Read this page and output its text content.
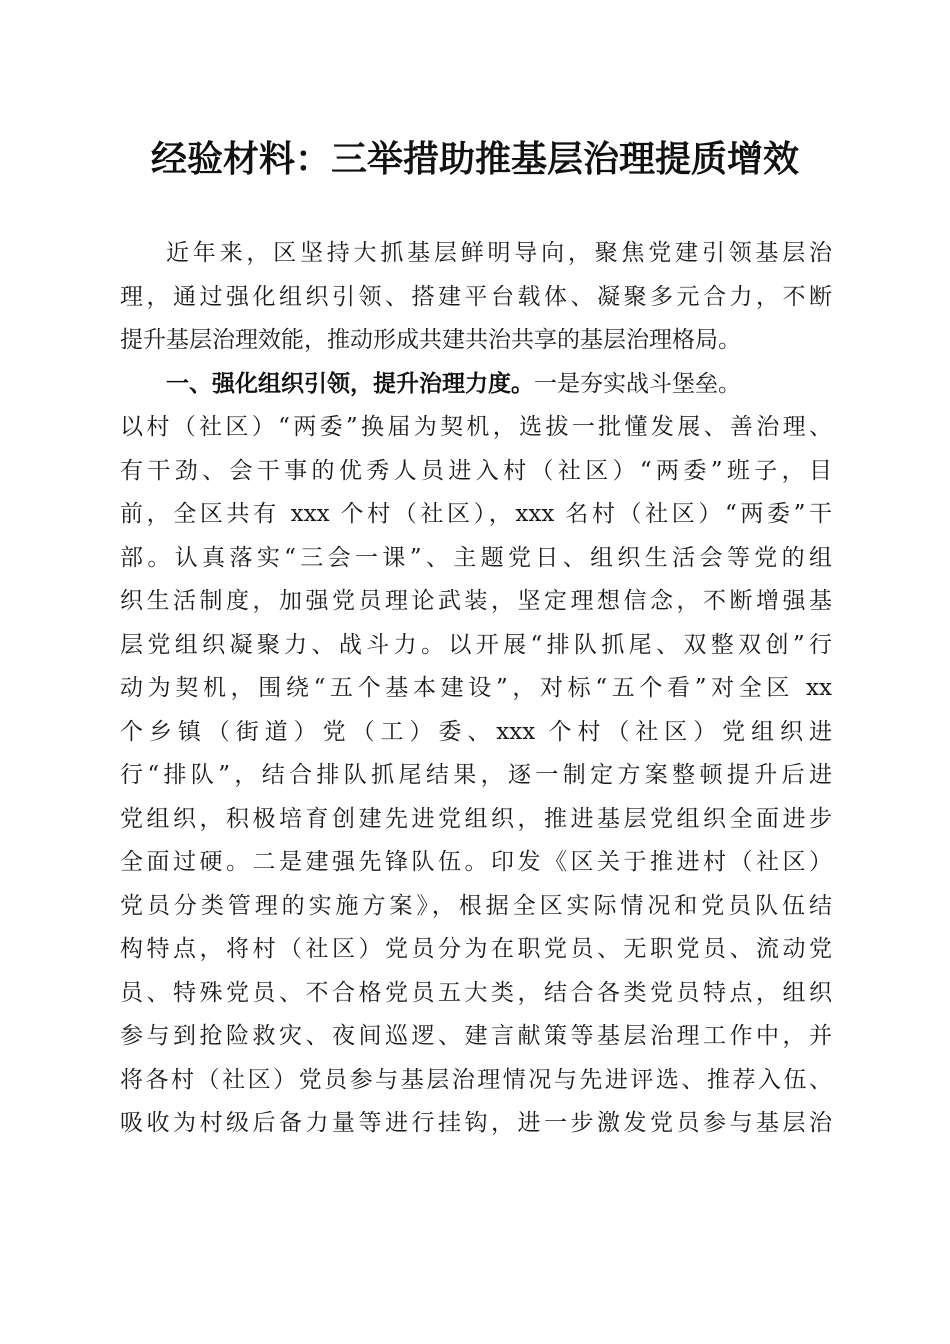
经验材料：三举措助推基层治理提质增效
近年来，区坚持大抓基层鲜明导向，聚焦党建引领基层治
理，通过强化组织引领、搭建平台载体、凝聚多元合力，不断
提升基层治理效能，推动形成共建共治共享的基层治理格局。
一、强化组织引领，提升治理力度。一是夯实战斗堡垒。
以村（社区）“两委”换届为契机，选拔一批懂发展、善治理、
有干劲、会干事的优秀人员进入村（社区）“两委”班子，目
前，全区共有 xxx 个村（社区），xxx 名村（社区）“两委”干
部。认真落实“三会一课”、主题党日、组织生活会等党的组
织生活制度，加强党员理论武装，坚定理想信念，不断增强基
层党组织凝聚力、战斗力。以开展“排队抓尾、双整双创”行
动为契机，围绕“五个基本建设”，对标“五个看”对全区 xx
个乡镇（街道）党（工）委、xxx 个村（社区）党组织进
行“排队”，结合排队抓尾结果，逐一制定方案整顿提升后进
党组织，积极培育创建先进党组织，推进基层党组织全面进步
全面过硬。二是建强先锋队伍。印发《区关于推进村（社区）
党员分类管理的实施方案》，根据全区实际情况和党员队伍结
构特点，将村（社区）党员分为在职党员、无职党员、流动党
员、特殊党员、不合格党员五大类，结合各类党员特点，组织
参与到抢险救灾、夜间巡逻、建言献策等基层治理工作中，并
将各村（社区）党员参与基层治理情况与先进评选、推荐入伍、
吸收为村级后备力量等进行挂钩，进一步激发党员参与基层治
